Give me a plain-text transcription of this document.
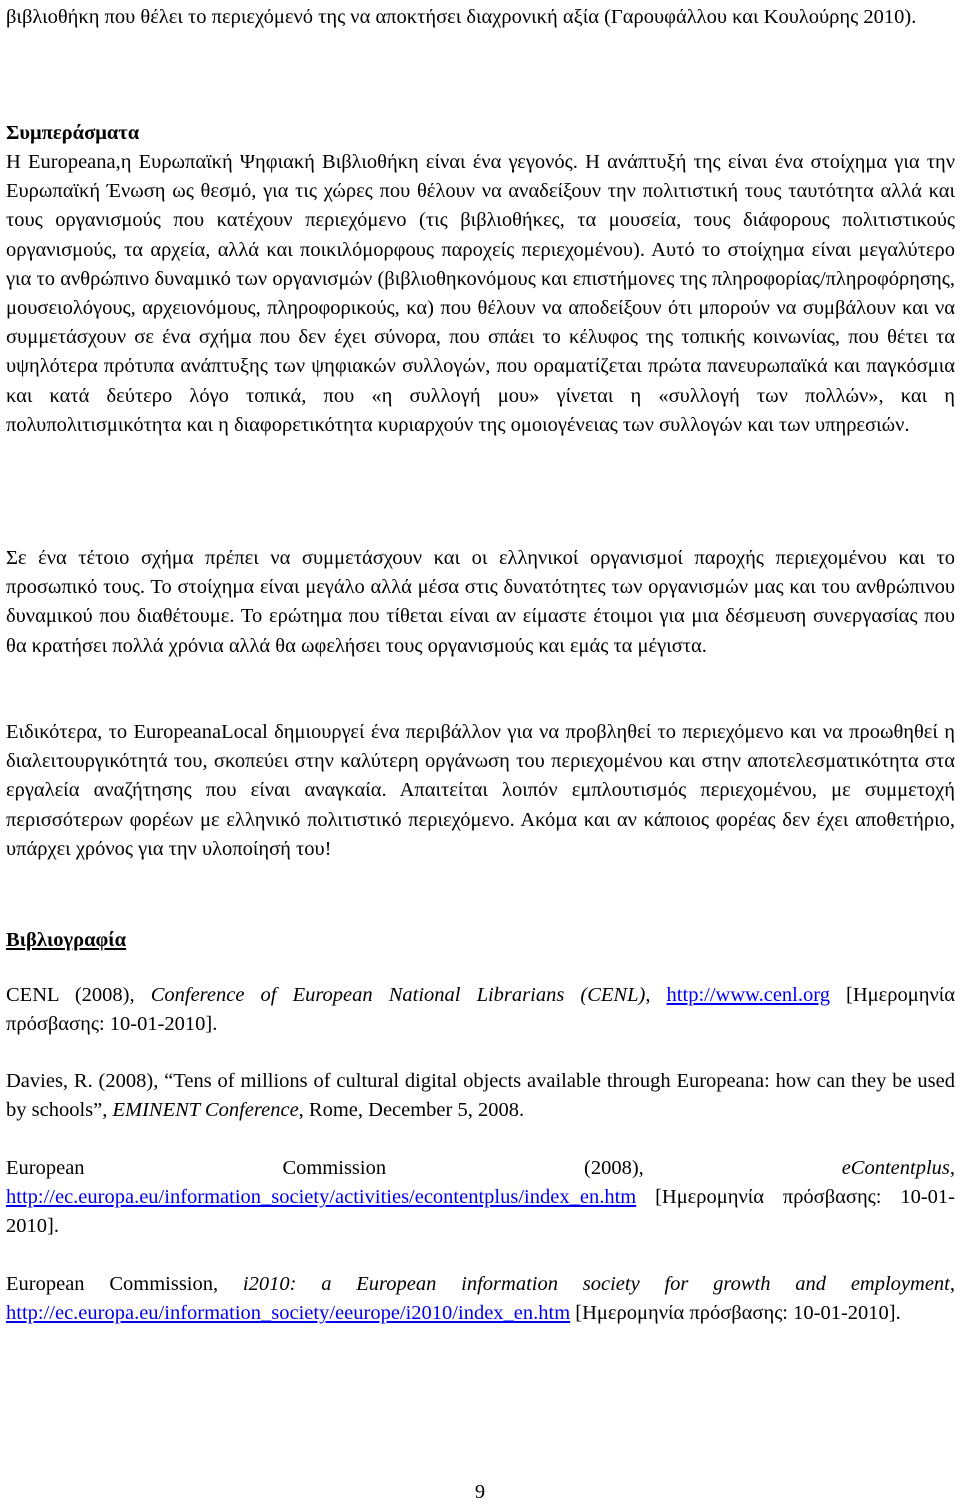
βιβλιοθήκη που θέλει το περιεχόμενό της να αποκτήσει διαχρονική αξία (Γαρουφάλλου και Κουλούρης 2010).

Συμπεράσματα

Η Europeana,η Ευρωπαϊκή Ψηφιακή Βιβλιοθήκη είναι ένα γεγονός. Η ανάπτυξή της είναι ένα στοίχημα για την Ευρωπαϊκή Ένωση ως θεσμό, για τις χώρες που θέλουν να αναδείξουν την πολιτιστική τους ταυτότητα αλλά και τους οργανισμούς που κατέχουν περιεχόμενο (τις βιβλιοθήκες, τα μουσεία, τους διάφορους πολιτιστικούς οργανισμούς, τα αρχεία, αλλά και ποικιλόμορφους παροχείς περιεχομένου). Αυτό το στοίχημα είναι μεγαλύτερο για το ανθρώπινο δυναμικό των οργανισμών (βιβλιοθηκονόμους και επιστήμονες της πληροφορίας/πληροφόρησης, μουσειολόγους, αρχειονόμους, πληροφορικούς, κα) που θέλουν να αποδείξουν ότι μπορούν να συμβάλουν και να συμμετάσχουν σε ένα σχήμα που δεν έχει σύνορα, που σπάει το κέλυφος της τοπικής κοινωνίας, που θέτει τα υψηλότερα πρότυπα ανάπτυξης των ψηφιακών συλλογών, που οραματίζεται πρώτα πανευρωπαϊκά και παγκόσμια και κατά δεύτερο λόγο τοπικά, που «η συλλογή μου» γίνεται η «συλλογή των πολλών», και η πολυπολιτισμικότητα και η διαφορετικότητα κυριαρχούν της ομοιογένειας των συλλογών και των υπηρεσιών.

Σε ένα τέτοιο σχήμα πρέπει να συμμετάσχουν και οι ελληνικοί οργανισμοί παροχής περιεχομένου και το προσωπικό τους. Το στοίχημα είναι μεγάλο αλλά μέσα στις δυνατότητες των οργανισμών μας και του ανθρώπινου δυναμικού που διαθέτουμε. Το ερώτημα που τίθεται είναι αν είμαστε έτοιμοι για μια δέσμευση συνεργασίας που θα κρατήσει πολλά χρόνια αλλά θα ωφελήσει τους οργανισμούς και εμάς τα μέγιστα.

Ειδικότερα, το EuropeanaLocal δημιουργεί ένα περιβάλλον για να προβληθεί το περιεχόμενο και να προωθηθεί η διαλειτουργικότητά του, σκοπεύει στην καλύτερη οργάνωση του περιεχομένου και στην αποτελεσματικότητα στα εργαλεία αναζήτησης που είναι αναγκαία. Απαιτείται λοιπόν εμπλουτισμός περιεχομένου, με συμμετοχή περισσότερων φορέων με ελληνικό πολιτιστικό περιεχόμενο. Ακόμα και αν κάποιος φορέας δεν έχει αποθετήριο, υπάρχει χρόνος για την υλοποίησή του!

Βιβλιογραφία

CENL (2008), Conference of European National Librarians (CENL), http://www.cenl.org [Ημερομηνία πρόσβασης: 10-01-2010].

Davies, R. (2008), “Tens of millions of cultural digital objects available through Europeana: how can they be used by schools”, EMINENT Conference, Rome, December 5, 2008.

European Commission (2008), eContentplus, http://ec.europa.eu/information_society/activities/econtentplus/index_en.htm [Ημερομηνία πρόσβασης: 10-01-2010].

European Commission, i2010: a European information society for growth and employment, http://ec.europa.eu/information_society/eeurope/i2010/index_en.htm [Ημερομηνία πρόσβασης: 10-01-2010].

9
